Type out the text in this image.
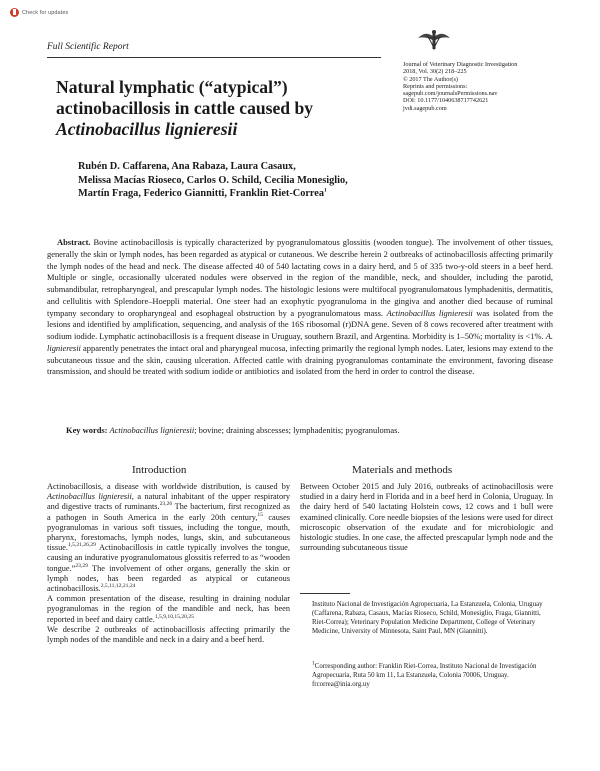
Check for updates
Full Scientific Report
Journal of Veterinary Diagnostic Investigation
2018, Vol. 30(2) 218–225
© 2017 The Author(s)
Reprints and permissions:
sagepub.com/journalsPermissions.nav
DOI: 10.1177/1040638717742621
jvdi.sagepub.com
Natural lymphatic (“atypical”) actinobacillosis in cattle caused by Actinobacillus lignieresii
Rubén D. Caffarena, Ana Rabaza, Laura Casaux,
Melissa Macías Rioseco, Carlos O. Schild, Cecilia Monesiglio,
Martín Fraga, Federico Giannitti, Franklin Riet-Correa$^1$
Abstract. Bovine actinobacillosis is typically characterized by pyogranulomatous glossitis (wooden tongue). The involvement of other tissues, generally the skin or lymph nodes, has been regarded as atypical or cutaneous. We describe herein 2 outbreaks of actinobacillosis affecting primarily the lymph nodes of the head and neck. The disease affected 40 of 540 lactating cows in a dairy herd, and 5 of 335 two-y-old steers in a beef herd. Multiple or single, occasionally ulcerated nodules were observed in the region of the mandible, neck, and shoulder, including the parotid, submandibular, retropharyngeal, and prescapular lymph nodes. The histologic lesions were multifocal pyogranulomatous lymphadenitis, dermatitis, and cellulitis with Splendore–Hoeppli material. One steer had an exophytic pyogranuloma in the gingiva and another died because of ruminal tympany secondary to oropharyngeal and esophageal obstruction by a pyogranulomatous mass. Actinobacillus lignieresii was isolated from the lesions and identified by amplification, sequencing, and analysis of the 16S ribosomal (r)DNA gene. Seven of 8 cows recovered after treatment with sodium iodide. Lymphatic actinobacillosis is a frequent disease in Uruguay, southern Brazil, and Argentina. Morbidity is 1–50%; mortality is <1%. A. lignieresii apparently penetrates the intact oral and pharyngeal mucosa, infecting primarily the regional lymph nodes. Later, lesions may extend to the subcutaneous tissue and the skin, causing ulceration. Affected cattle with draining pyogranulomas contaminate the environment, favoring disease transmission, and should be treated with sodium iodide or antibiotics and isolated from the herd in order to control the disease.
Key words: Actinobacillus lignieresii; bovine; draining abscesses; lymphadenitis; pyogranulomas.
Introduction	Materials and methods

Actinobacillosis, a disease with worldwide distribution, is caused by Actinobacillus lignieresii, a natural inhabitant of the upper respiratory and digestive tracts of ruminants.$^{23,26}$ The bacterium, first recognized as a pathogen in South America in the early 20th century,$^{15}$ causes pyogranulomas in various soft tissues, including the tongue, mouth, pharynx, forestomachs, lymph nodes, lungs, skin, and subcutaneous tissue.$^{1,5,21,26,29}$ Actinobacillosis in cattle typically involves the tongue, causing an indurative pyogranulomatous glossitis referred to as “wooden tongue.”$^{23,29}$ The involvement of other organs, generally the skin or lymph nodes, has been regarded as atypical or cutaneous actinobacillosis.$^{2,5,11,12,21,24}$

A common presentation of the disease, resulting in draining nodular pyogranulomas in the region of the mandible and neck, has been reported in beef and dairy cattle.$^{1,5,9,10,15,20,25}$

We describe 2 outbreaks of actinobacillosis affecting primarily the lymph nodes of the mandible and neck in a dairy and a beef herd.

Between October 2015 and July 2016, outbreaks of actinobacillosis were studied in a dairy herd in Florida and in a beef herd in Colonia, Uruguay. In the dairy herd of 540 lactating Holstein cows, 12 cows and 1 bull were examined clinically. Core needle biopsies of the lesions were used for direct microscopic observation of the exudate and for microbiologic and histologic studies. In one case, the affected prescapular lymph node and the surrounding subcutaneous tissue
Instituto Nacional de Investigación Agropecuaria, La Estanzuela, Colonia, Uruguay (Caffarena, Rabaza, Casaux, Macías Rioseco, Schild, Monesiglio, Fraga, Giannitti, Riet-Correa); Veterinary Population Medicine Department, College of Veterinary Medicine, University of Minnesota, Saint Paul, MN (Giannitti).
$^1$Corresponding author: Franklin Riet-Correa, Instituto Nacional de Investigación Agropecuaria, Ruta 50 km 11, La Estanzuela, Colonia 70006, Uruguay. frcorrea@inia.org.uy
